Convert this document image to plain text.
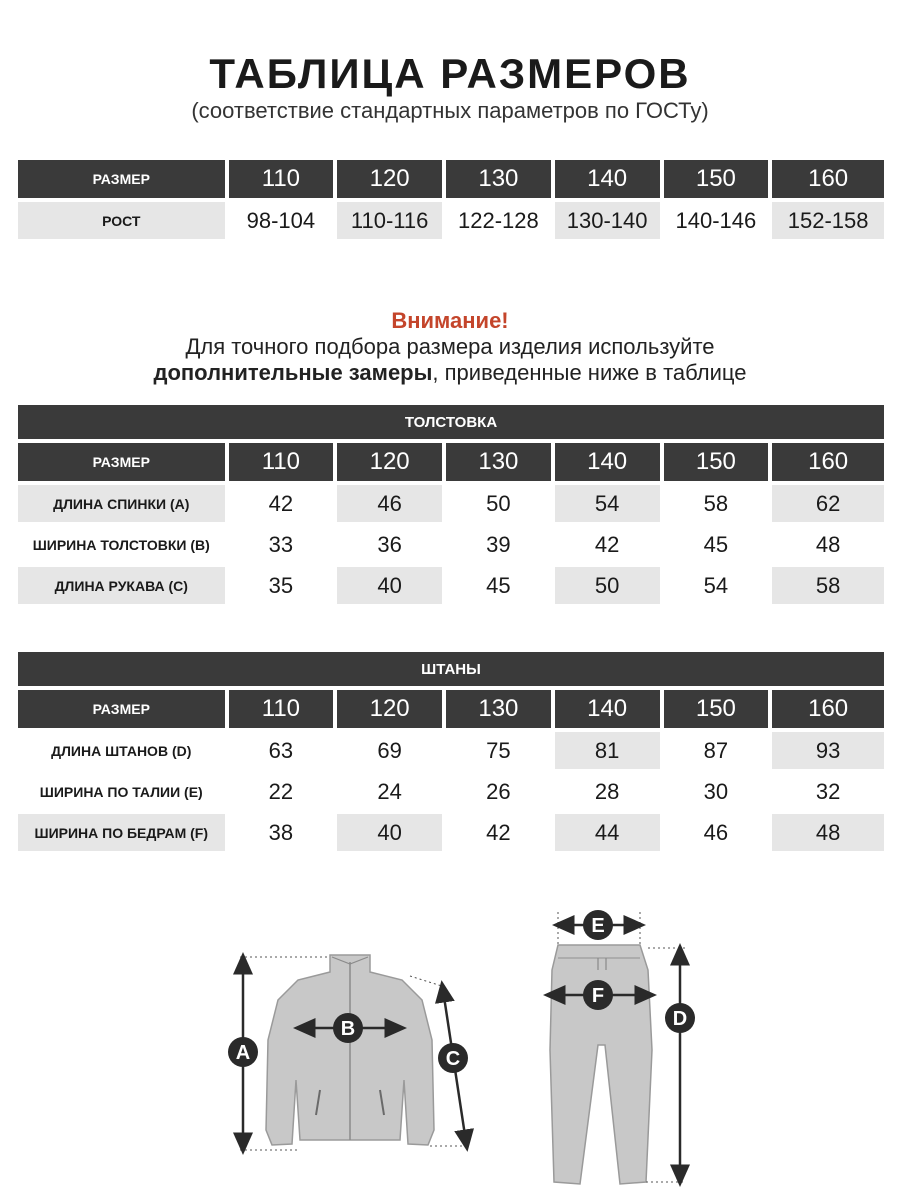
ТАБЛИЦА РАЗМЕРОВ
(соответствие стандартных параметров по ГОСТу)
РАЗМЕР	110	120	130	140	150	160
РОСТ	98-104	110-116	122-128	130-140	140-146	152-158
Внимание!
Для точного подбора размера изделия используйте
дополнительные замеры, приведенные ниже в таблице
ТОЛСТОВКА
РАЗМЕР	110	120	130	140	150	160
ДЛИНА СПИНКИ (A)	42	46	50	54	58	62
ШИРИНА ТОЛСТОВКИ (B)	33	36	39	42	45	48
ДЛИНА РУКАВА (C)	35	40	45	50	54	58
ШТАНЫ
РАЗМЕР	110	120	130	140	150	160
ДЛИНА ШТАНОВ (D)	63	69	75	81	87	93
ШИРИНА ПО ТАЛИИ (E)	22	24	26	28	30	32
ШИРИНА ПО БЕДРАМ (F)	38	40	42	44	46	48
A
B
C
E
F
D
